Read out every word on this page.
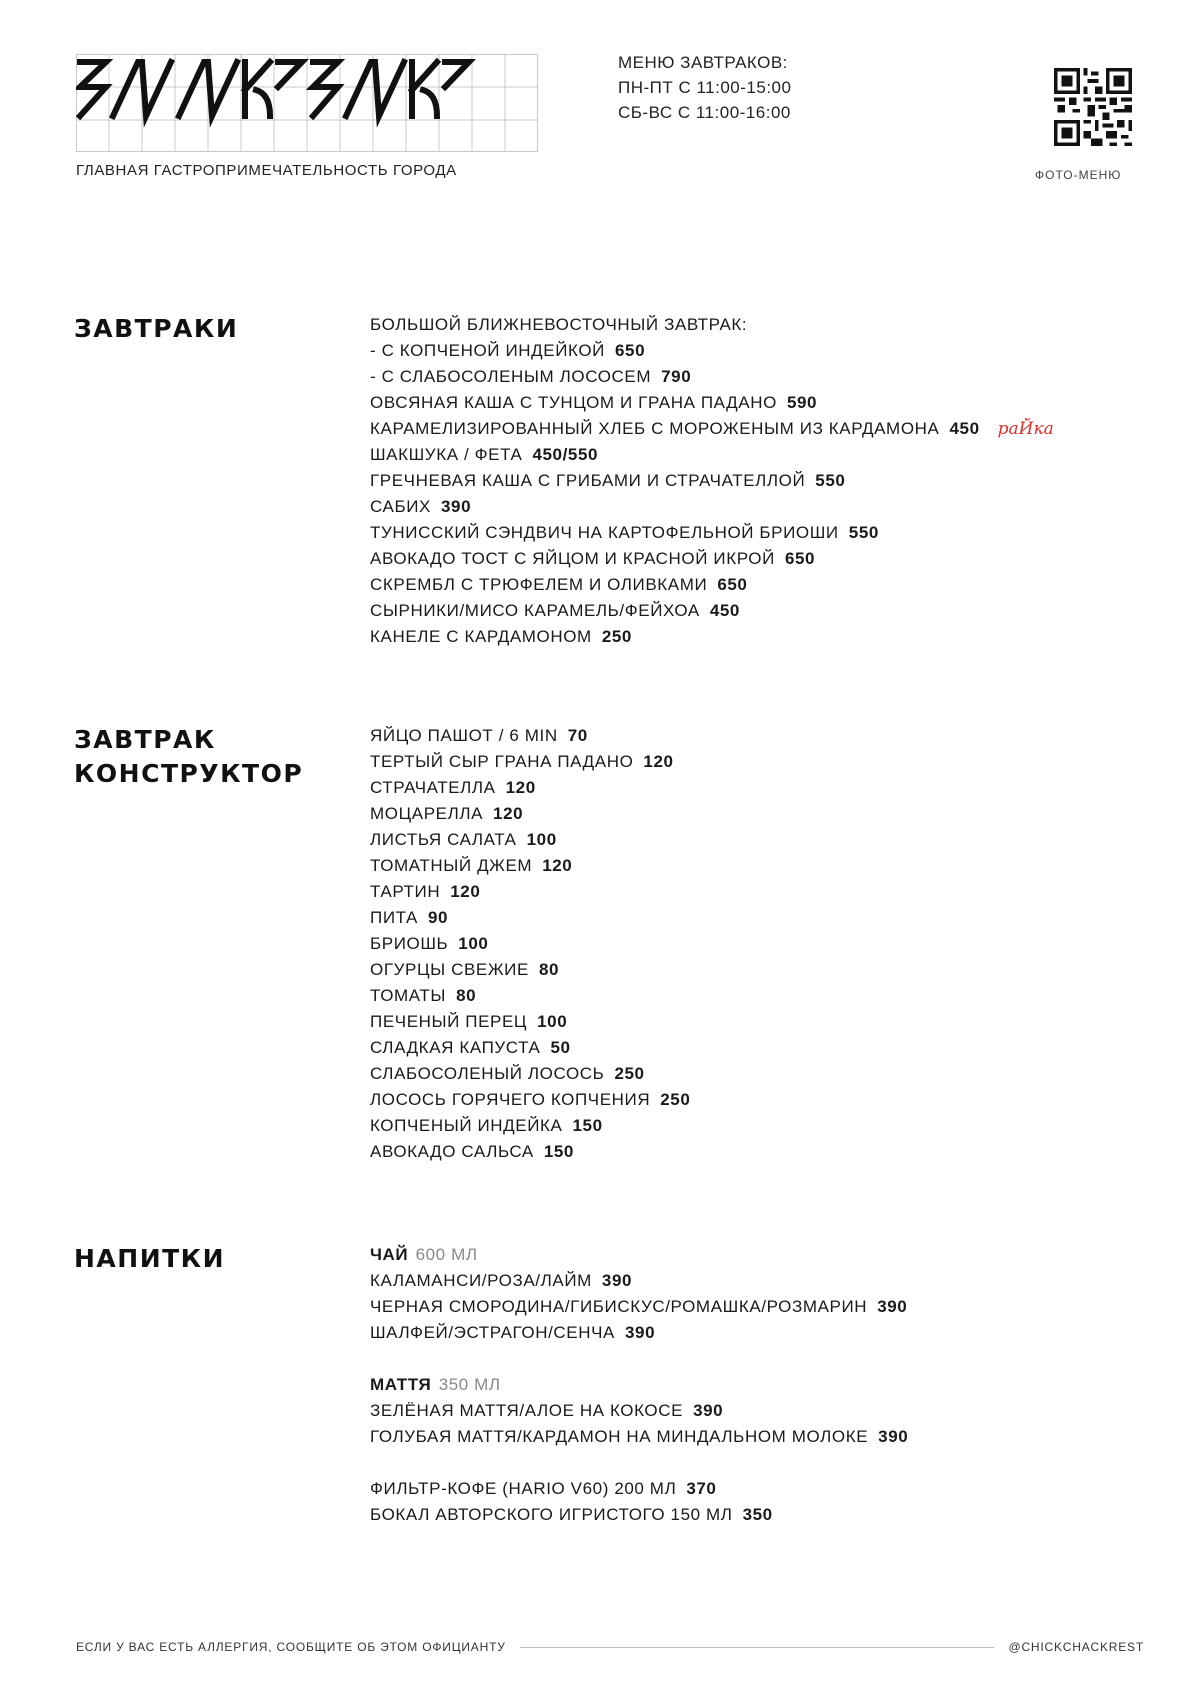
ГЛАВНАЯ ГАСТРОПРИМЕЧАТЕЛЬНОСТЬ ГОРОДА
МЕНЮ ЗАВТРАКОВ:
ПН-ПТ С 11:00-15:00
СБ-ВС С 11:00-16:00
ФОТО-МЕНЮ
ЗАВТРАКИ	БОЛЬШОЙ БЛИЖНЕВОСТОЧНЫЙ ЗАВТРАК:
- С КОПЧЕНОЙ ИНДЕЙКОЙ 650
- С СЛАБОСОЛЕНЫМ ЛОСОСЕМ 790
ОВСЯНАЯ КАША С ТУНЦОМ И ГРАНА ПАДАНО 590
КАРАМЕЛИЗИРОВАННЫЙ ХЛЕБ С МОРОЖЕНЫМ ИЗ КАРДАМОНА 450 раЙка
ШАКШУКА / ФЕТА 450/550
ГРЕЧНЕВАЯ КАША С ГРИБАМИ И СТРАЧАТЕЛЛОЙ 550
САБИХ 390
ТУНИССКИЙ СЭНДВИЧ НА КАРТОФЕЛЬНОЙ БРИОШИ 550
АВОКАДО ТОСТ С ЯЙЦОМ И КРАСНОЙ ИКРОЙ 650
СКРЕМБЛ С ТРЮФЕЛЕМ И ОЛИВКАМИ 650
СЫРНИКИ/МИСО КАРАМЕЛЬ/ФЕЙХОА 450
КАНЕЛЕ С КАРДАМОНОМ 250
ЗАВТРАК
КОНСТРУКТОР
ЯЙЦО ПАШОТ / 6 MIN 70
ТЕРТЫЙ СЫР ГРАНА ПАДАНО 120
СТРАЧАТЕЛЛА 120
МОЦАРЕЛЛА 120
ЛИСТЬЯ САЛАТА 100
ТОМАТНЫЙ ДЖЕМ 120
ТАРТИН 120
ПИТА 90
БРИОШЬ 100
ОГУРЦЫ СВЕЖИЕ 80
ТОМАТЫ 80
ПЕЧЕНЫЙ ПЕРЕЦ 100
СЛАДКАЯ КАПУСТА 50
СЛАБОСОЛЕНЫЙ ЛОСОСЬ 250
ЛОСОСЬ ГОРЯЧЕГО КОПЧЕНИЯ 250
КОПЧЕНЫЙ ИНДЕЙКА 150
АВОКАДО САЛЬСА 150
НАПИТКИ	ЧАЙ 600 МЛ
КАЛАМАНСИ/РОЗА/ЛАЙМ 390
ЧЕРНАЯ СМОРОДИНА/ГИБИСКУС/РОМАШКА/РОЗМАРИН 390
ШАЛФЕЙ/ЭСТРАГОН/СЕНЧА 390
МАТТЯ 350 МЛ
ЗЕЛЁНАЯ МАТТЯ/АЛОЕ НА КОКОСЕ 390
ГОЛУБАЯ МАТТЯ/КАРДАМОН НА МИНДАЛЬНОМ МОЛОКЕ 390
ФИЛЬТР-КОФЕ (HARIO V60) 200 МЛ 370
БОКАЛ АВТОРСКОГО ИГРИСТОГО 150 МЛ 350
ЕСЛИ У ВАС ЕСТЬ АЛЛЕРГИЯ, СООБЩИТЕ ОБ ЭТОМ ОФИЦИАНТУ	@CHICKCHACKREST
